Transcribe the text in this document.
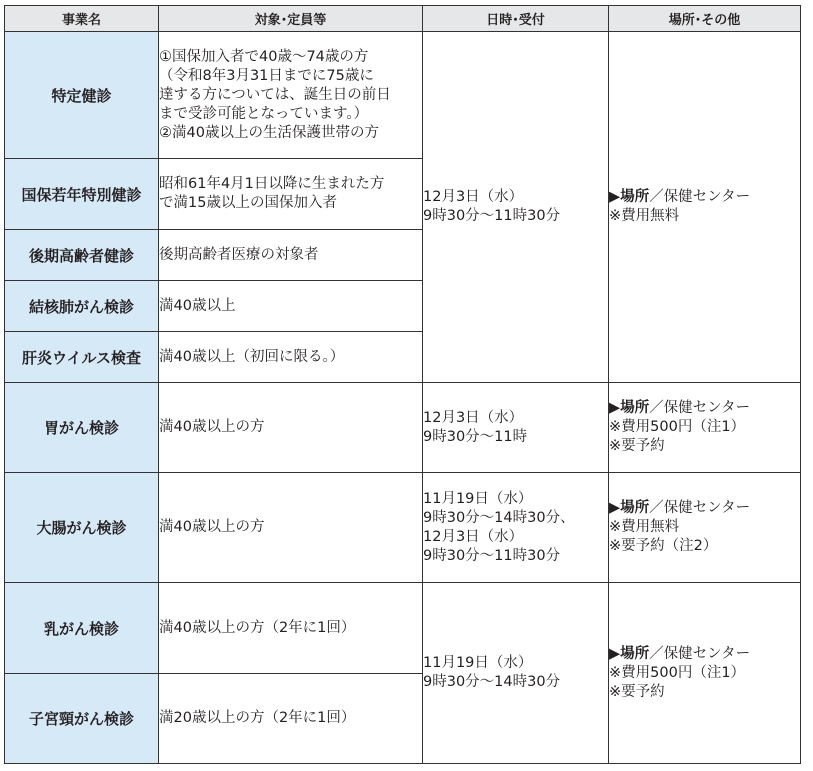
事業名	対象･定員等	日時･受付	場所･その他
特定健診	①国保加入者で40歳～74歳の方
（令和8年3月31日までに75歳に
達する方については、誕生日の前日
まで受診可能となっています。）
②満40歳以上の生活保護世帯の方	12月3日（水）
9時30分～11時30分	▶場所／保健センター
※費用無料

国保若年特別健診	昭和61年4月1日以降に生まれた方
で満15歳以上の国保加入者		

後期高齢者健診	後期高齢者医療の対象者		

結核肺がん検診	満40歳以上		

肝炎ウイルス検査	満40歳以上（初回に限る。）		

胃がん検診	満40歳以上の方	12月3日（水）
9時30分～11時	▶場所／保健センター
※費用500円（注1）
※要予約

大腸がん検診	満40歳以上の方	11月19日（水）
9時30分～14時30分、
12月3日（水）
9時30分～11時30分	▶場所／保健センター
※費用無料
※要予約（注2）

乳がん検診	満40歳以上の方（2年に1回）	11月19日（水）
9時30分～14時30分	▶場所／保健センター
※費用500円（注1）
※要予約

子宮頸がん検診	満20歳以上の方（2年に1回）		
